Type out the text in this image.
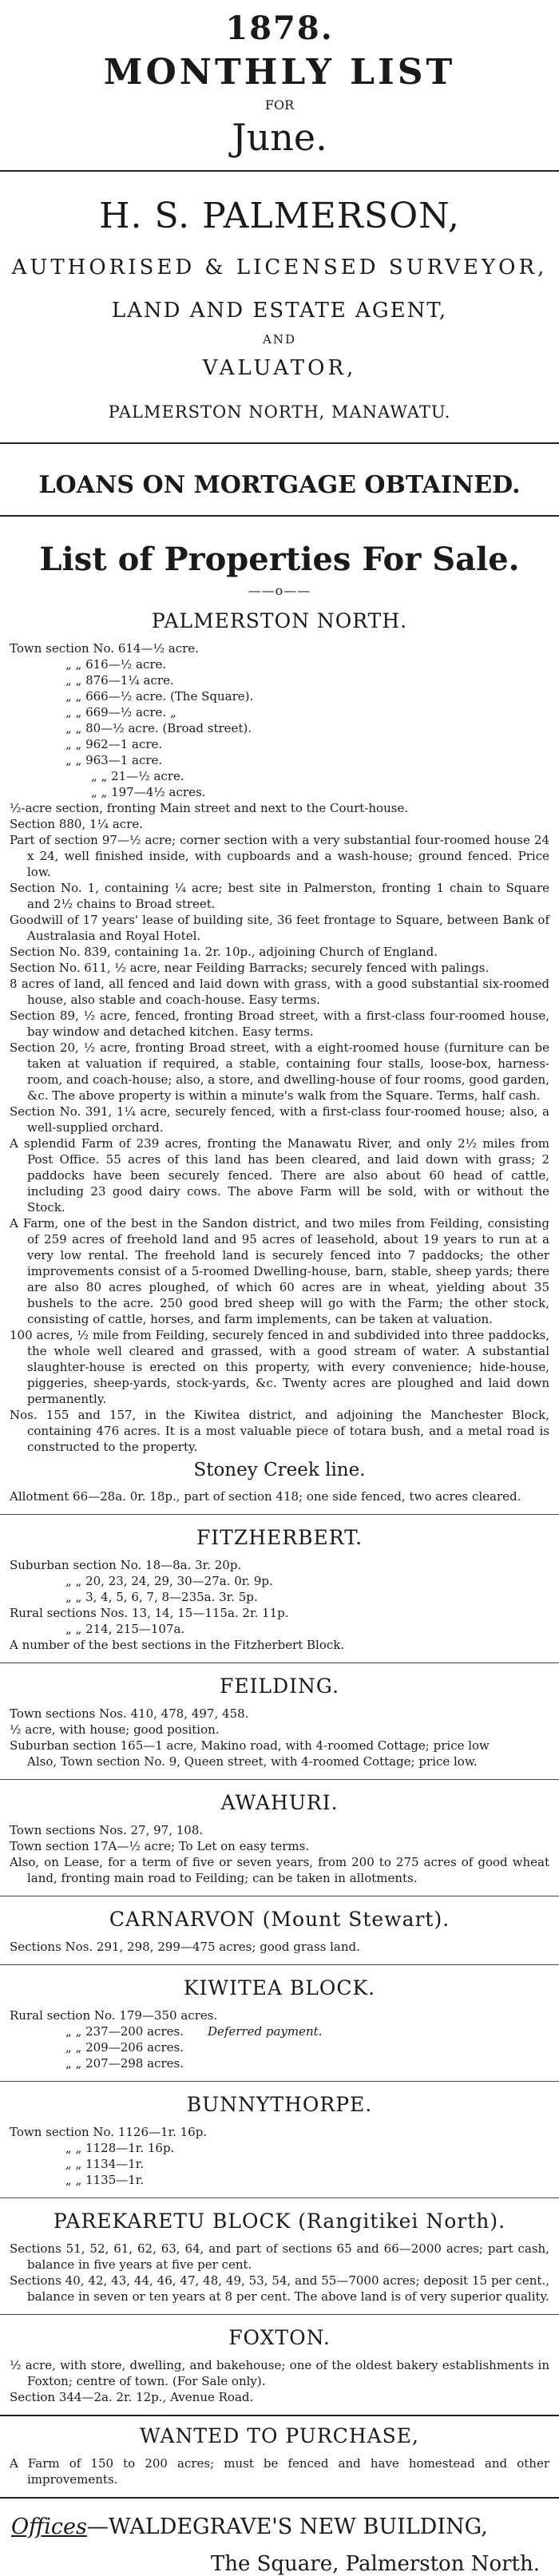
1878.
MONTHLY LIST
FOR
June.
H. S. PALMERSON,
AUTHORISED & LICENSED SURVEYOR,
LAND AND ESTATE AGENT,
AND
VALUATOR,
PALMERSTON NORTH, MANAWATU.
LOANS ON MORTGAGE OBTAINED.
List of Properties For Sale.
——o——
PALMERSTON NORTH.
Town section No. 614—½ acre.
„ „ 616—½ acre.
„ „ 876—1¼ acre.
„ „ 666—½ acre. (The Square).
„ „ 669—½ acre. „
„ „ 80—½ acre. (Broad street).
„ „ 962—1 acre.
„ „ 963—1 acre.
„ „ 21—½ acre.
„ „ 197—4½ acres.
½-acre section, fronting Main street and next to the Court-house.
Section 880, 1¼ acre.
Part of section 97—½ acre; corner section with a very substantial four-roomed house 24 x 24, well finished inside, with cupboards and a wash-house; ground fenced. Price low.
Section No. 1, containing ¼ acre; best site in Palmerston, fronting 1 chain to Square and 2½ chains to Broad street.
Goodwill of 17 years' lease of building site, 36 feet frontage to Square, between Bank of Australasia and Royal Hotel.
Section No. 839, containing 1a. 2r. 10p., adjoining Church of England.
Section No. 611, ½ acre, near Feilding Barracks; securely fenced with palings.
8 acres of land, all fenced and laid down with grass, with a good substantial six-roomed house, also stable and coach-house. Easy terms.
Section 89, ½ acre, fenced, fronting Broad street, with a first-class four-roomed house, bay window and detached kitchen. Easy terms.
Section 20, ½ acre, fronting Broad street, with a eight-roomed house (furniture can be taken at valuation if required, a stable, containing four stalls, loose-box, harness-room, and coach-house; also, a store, and dwelling-house of four rooms, good garden, &c. The above property is within a minute's walk from the Square. Terms, half cash.
Section No. 391, 1¼ acre, securely fenced, with a first-class four-roomed house; also, a well-supplied orchard.
A splendid Farm of 239 acres, fronting the Manawatu River, and only 2½ miles from Post Office. 55 acres of this land has been cleared, and laid down with grass; 2 paddocks have been securely fenced. There are also about 60 head of cattle, including 23 good dairy cows. The above Farm will be sold, with or without the Stock.
A Farm, one of the best in the Sandon district, and two miles from Feilding, consisting of 259 acres of freehold land and 95 acres of leasehold, about 19 years to run at a very low rental. The freehold land is securely fenced into 7 paddocks; the other improvements consist of a 5-roomed Dwelling-house, barn, stable, sheep yards; there are also 80 acres ploughed, of which 60 acres are in wheat, yielding about 35 bushels to the acre. 250 good bred sheep will go with the Farm; the other stock, consisting of cattle, horses, and farm implements, can be taken at valuation.
100 acres, ½ mile from Feilding, securely fenced in and subdivided into three paddocks, the whole well cleared and grassed, with a good stream of water. A substantial slaughter-house is erected on this property, with every convenience; hide-house, piggeries, sheep-yards, stock-yards, &c. Twenty acres are ploughed and laid down permanently.
Nos. 155 and 157, in the Kiwitea district, and adjoining the Manchester Block, containing 476 acres. It is a most valuable piece of totara bush, and a metal road is constructed to the property.
Stoney Creek line.
Allotment 66—28a. 0r. 18p., part of section 418; one side fenced, two acres cleared.
FITZHERBERT.
Suburban section No. 18—8a. 3r. 20p.
„ „ 20, 23, 24, 29, 30—27a. 0r. 9p.
„ „ 3, 4, 5, 6, 7, 8—235a. 3r. 5p.
Rural sections Nos. 13, 14, 15—115a. 2r. 11p.
„ „ 214, 215—107a.
A number of the best sections in the Fitzherbert Block.
FEILDING.
Town sections Nos. 410, 478, 497, 458.
½ acre, with house; good position.
Suburban section 165—1 acre, Makino road, with 4-roomed Cottage; price low
Also, Town section No. 9, Queen street, with 4-roomed Cottage; price low.
AWAHURI.
Town sections Nos. 27, 97, 108.
Town section 17A—½ acre; To Let on easy terms.
Also, on Lease, for a term of five or seven years, from 200 to 275 acres of good wheat land, fronting main road to Feilding; can be taken in allotments.
CARNARVON (Mount Stewart).
Sections Nos. 291, 298, 299—475 acres; good grass land.
KIWITEA BLOCK.
Rural section No. 179—350 acres.
„ „ 237—200 acres. Deferred payment.
„ „ 209—206 acres.
„ „ 207—298 acres.
BUNNYTHORPE.
Town section No. 1126—1r. 16p.
„ „ 1128—1r. 16p.
„ „ 1134—1r.
„ „ 1135—1r.
PAREKARETU BLOCK (Rangitikei North).
Sections 51, 52, 61, 62, 63, 64, and part of sections 65 and 66—2000 acres; part cash, balance in five years at five per cent.
Sections 40, 42, 43, 44, 46, 47, 48, 49, 53, 54, and 55—7000 acres; deposit 15 per cent., balance in seven or ten years at 8 per cent. The above land is of very superior quality.
FOXTON.
½ acre, with store, dwelling, and bakehouse; one of the oldest bakery establishments in Foxton; centre of town. (For Sale only).
Section 344—2a. 2r. 12p., Avenue Road.
WANTED TO PURCHASE,
A Farm of 150 to 200 acres; must be fenced and have homestead and other improvements.
Offices—WALDEGRAVE'S NEW BUILDING,
The Square, Palmerston North.
